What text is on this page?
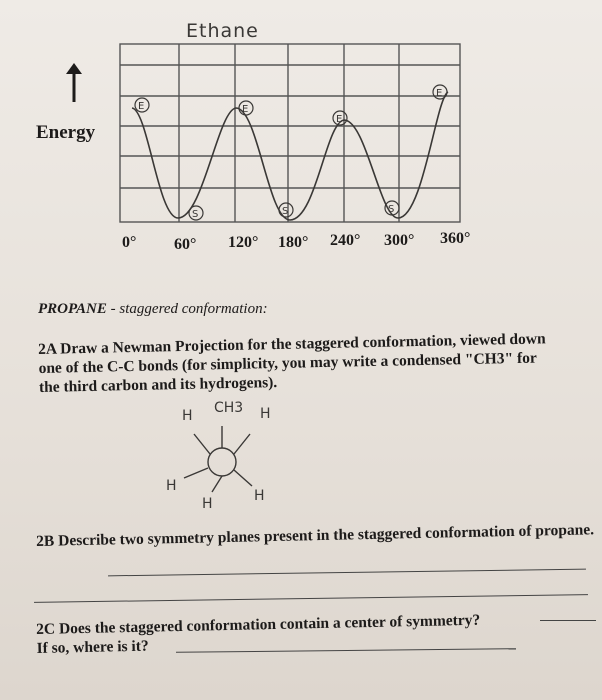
Ethane
Energy
E	E
E
E
S	S	S
0° 60° 120° 180° 240° 300° 360°
PROPANE - staggered conformation:
2A Draw a Newman Projection for the staggered conformation, viewed down one of the C-C bonds (for simplicity, you may write a condensed "CH3" for the third carbon and its hydrogens).
H CH3 H
H
H	H
2B Describe two symmetry planes present in the staggered conformation of propane.
2C Does the staggered conformation contain a center of symmetry?
If so, where is it?
